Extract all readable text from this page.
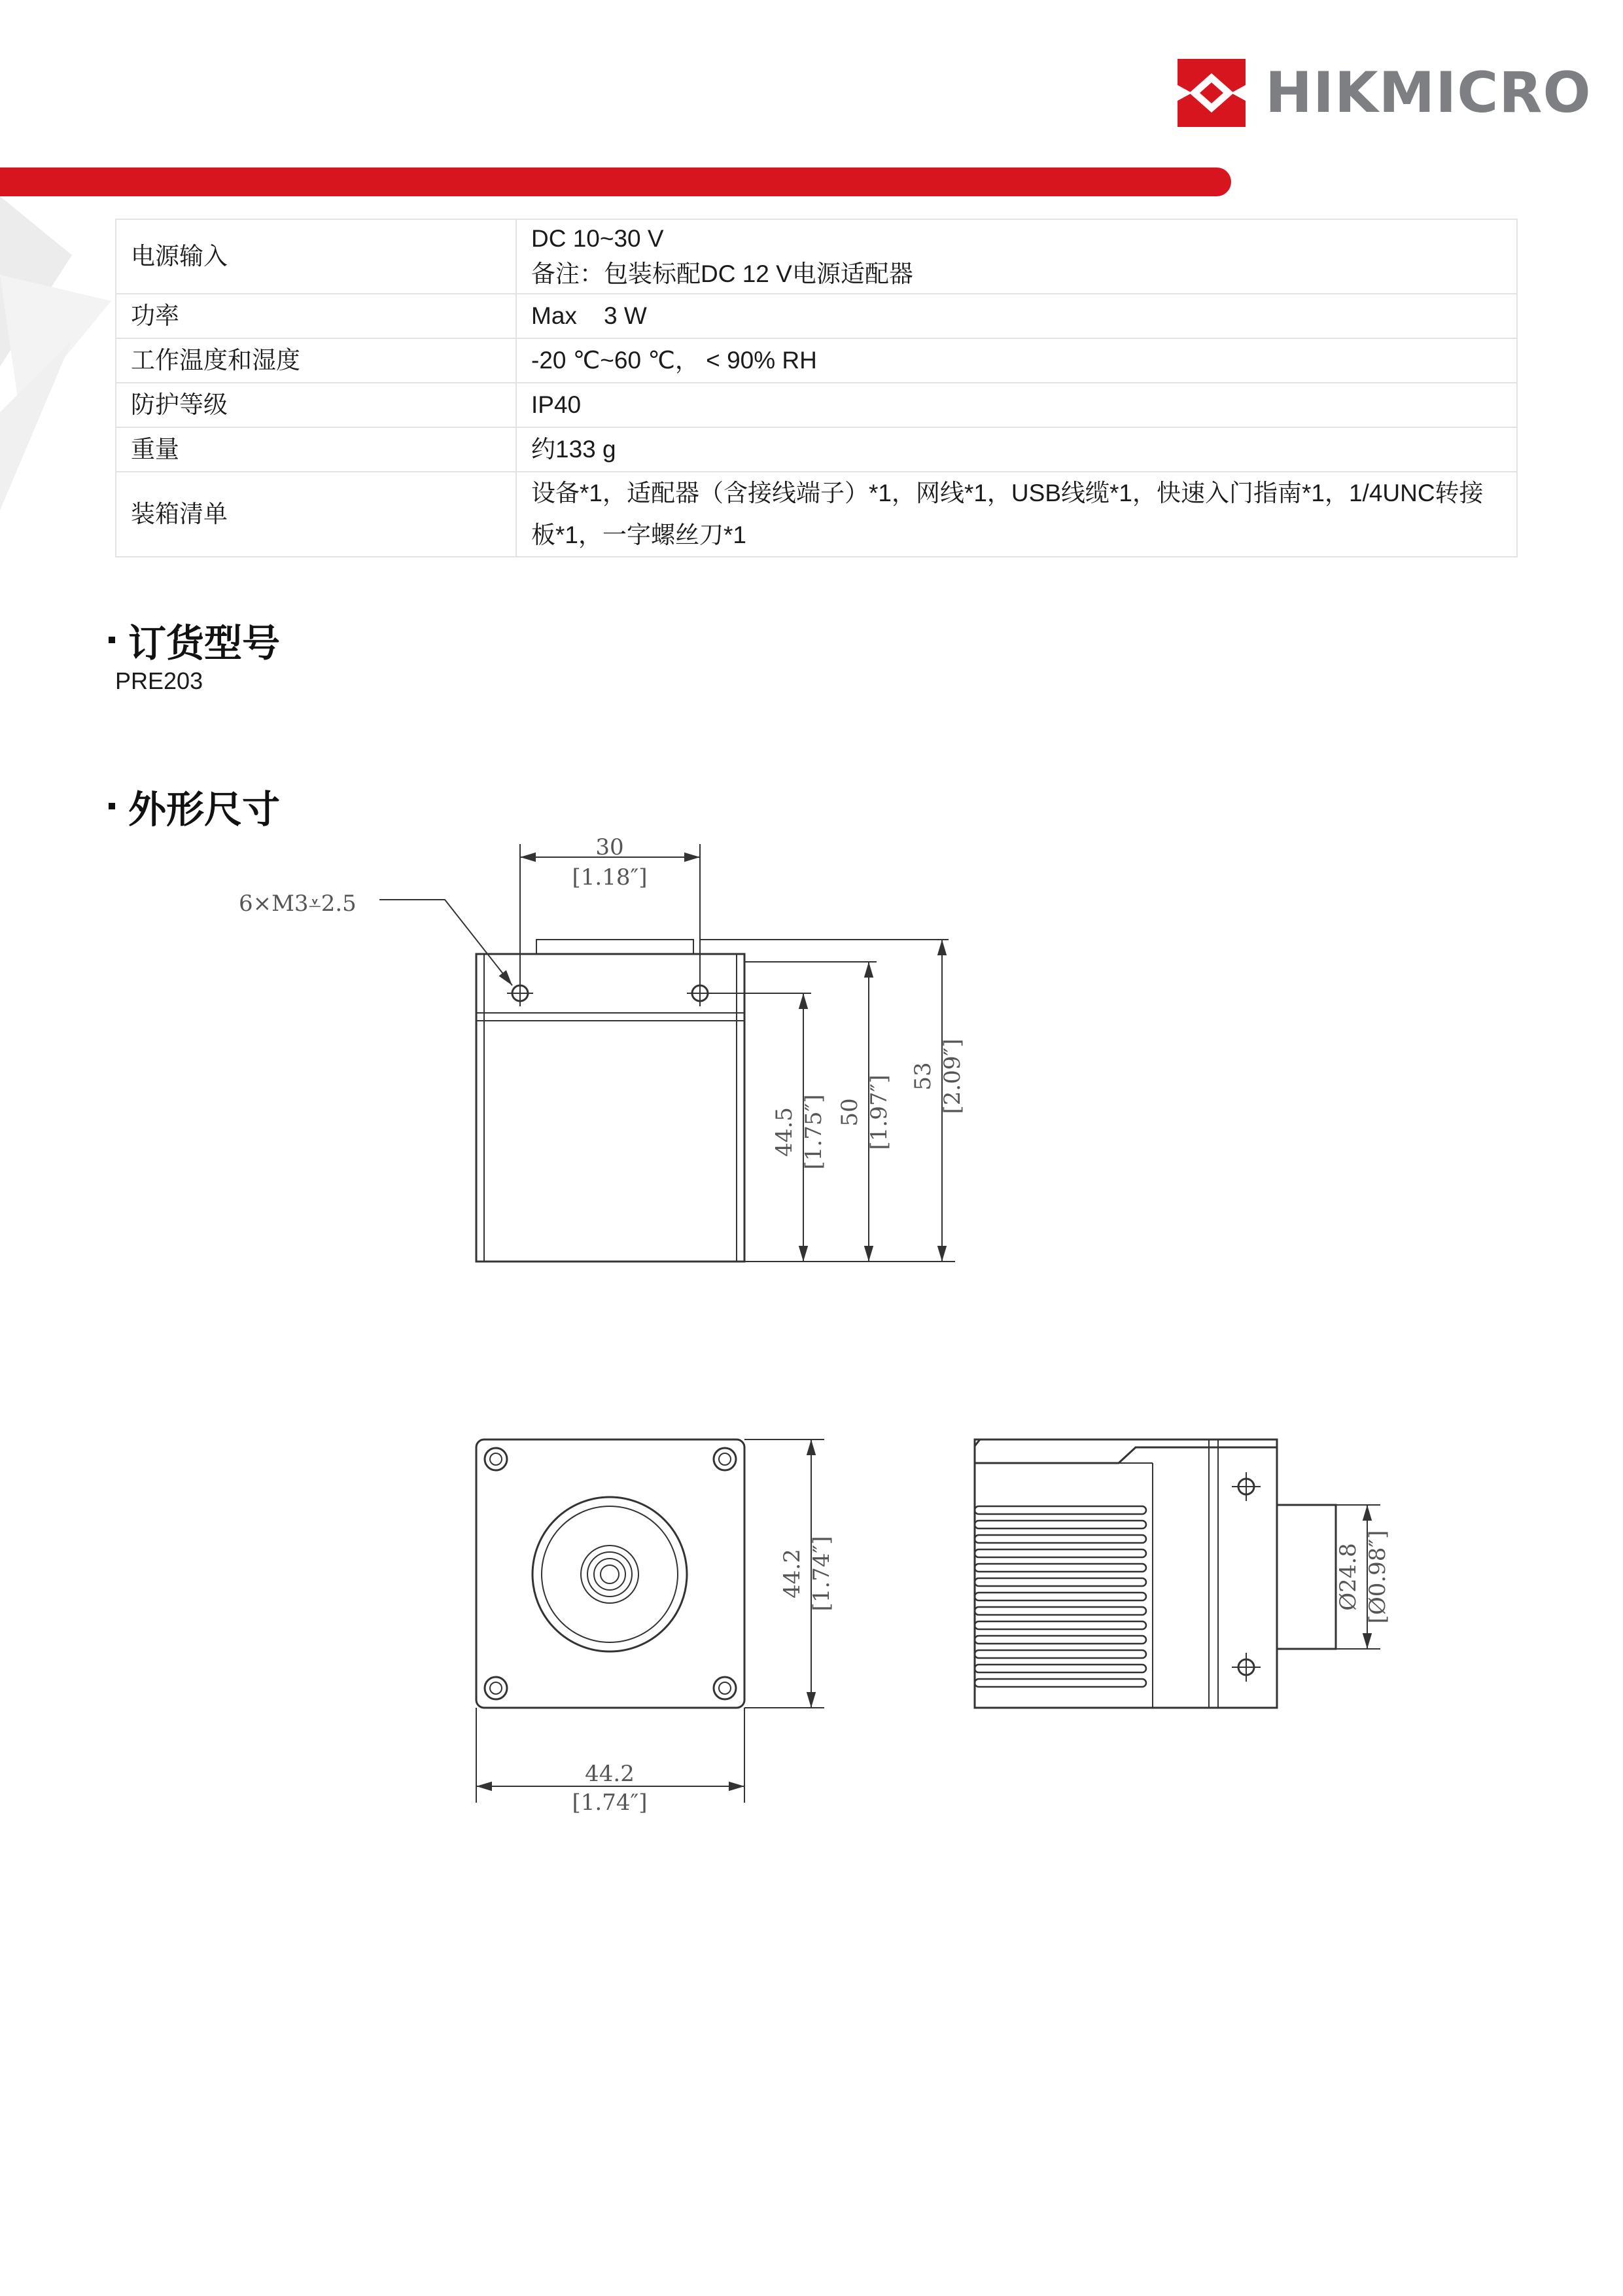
HIKMICRO
电源输入	DC 10~30 V
备注：包装标配DC 12 V电源适配器

功率	Max    3 W
工作温度和湿度	-20 ℃~60 ℃， < 90% RH
防护等级	IP40
重量	约133 g
装箱清单	设备*1，适配器（含接线端子）*1，网线*1，USB线缆*1，快速入门指南*1，1/4UNC转接
板*1，一字螺丝刀*1
订货型号
PRE203
外形尺寸
30
[1.18″]
6×M3⩡2.5
44.5 [1.75″] 50 [1.97″] 53 [2.09″]
44.2 [1.74″]
44.2
[1.74″]
Ø24.8 [Ø0.98″]
